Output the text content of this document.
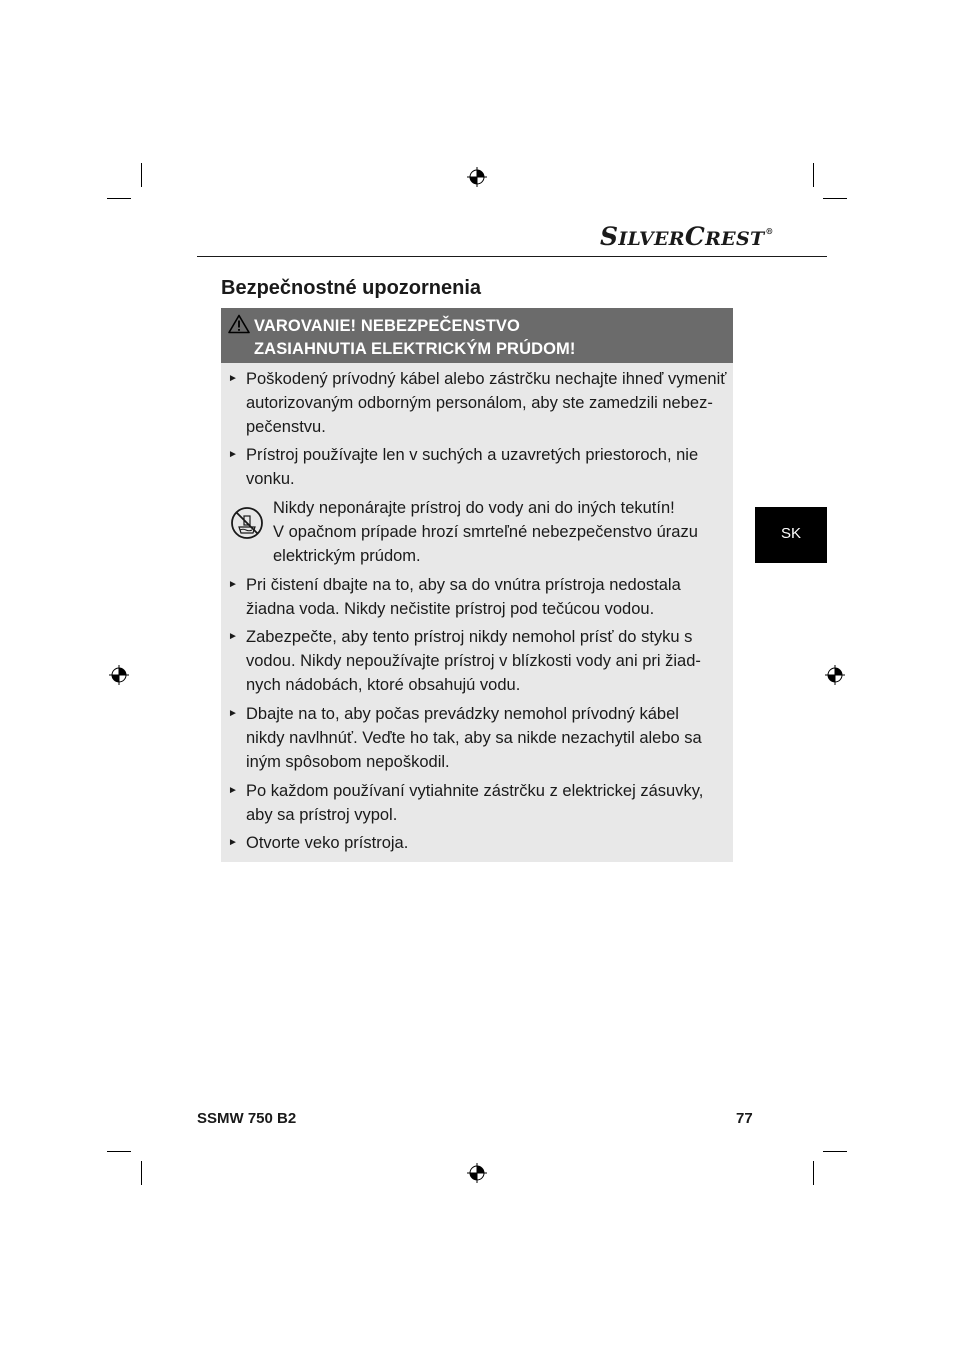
SILVERCREST®
Bezpečnostné upozornenia
VAROVANIE! NEBEZPEČENSTVO
ZASIAHNUTIA ELEKTRICKÝM PRÚDOM!
►
►
►
►
►
►
►
Poškodený prívodný kábel alebo zástrčku nechajte ihneď vymeniť
autorizovaným odborným personálom, aby ste zamedzili nebez-
pečenstvu.
Prístroj používajte len v suchých a uzavretých priestoroch, nie
vonku.
Nikdy neponárajte prístroj do vody ani do iných tekutín!
V opačnom prípade hrozí smrteľné nebezpečenstvo úrazu
elektrickým prúdom.
Pri čistení dbajte na to, aby sa do vnútra prístroja nedostala
žiadna voda. Nikdy nečistite prístroj pod tečúcou vodou.
Zabezpečte, aby tento prístroj nikdy nemohol prísť do styku s
vodou. Nikdy nepoužívajte prístroj v blízkosti vody ani pri žiad-
nych nádobách, ktoré obsahujú vodu.
Dbajte na to, aby počas prevádzky nemohol prívodný kábel
nikdy navlhnúť. Veďte ho tak, aby sa nikde nezachytil alebo sa
iným spôsobom nepoškodil.
Po každom používaní vytiahnite zástrčku z elektrickej zásuvky,
aby sa prístroj vypol.
Otvorte veko prístroja.
SK
SSMW 750 B2	77
